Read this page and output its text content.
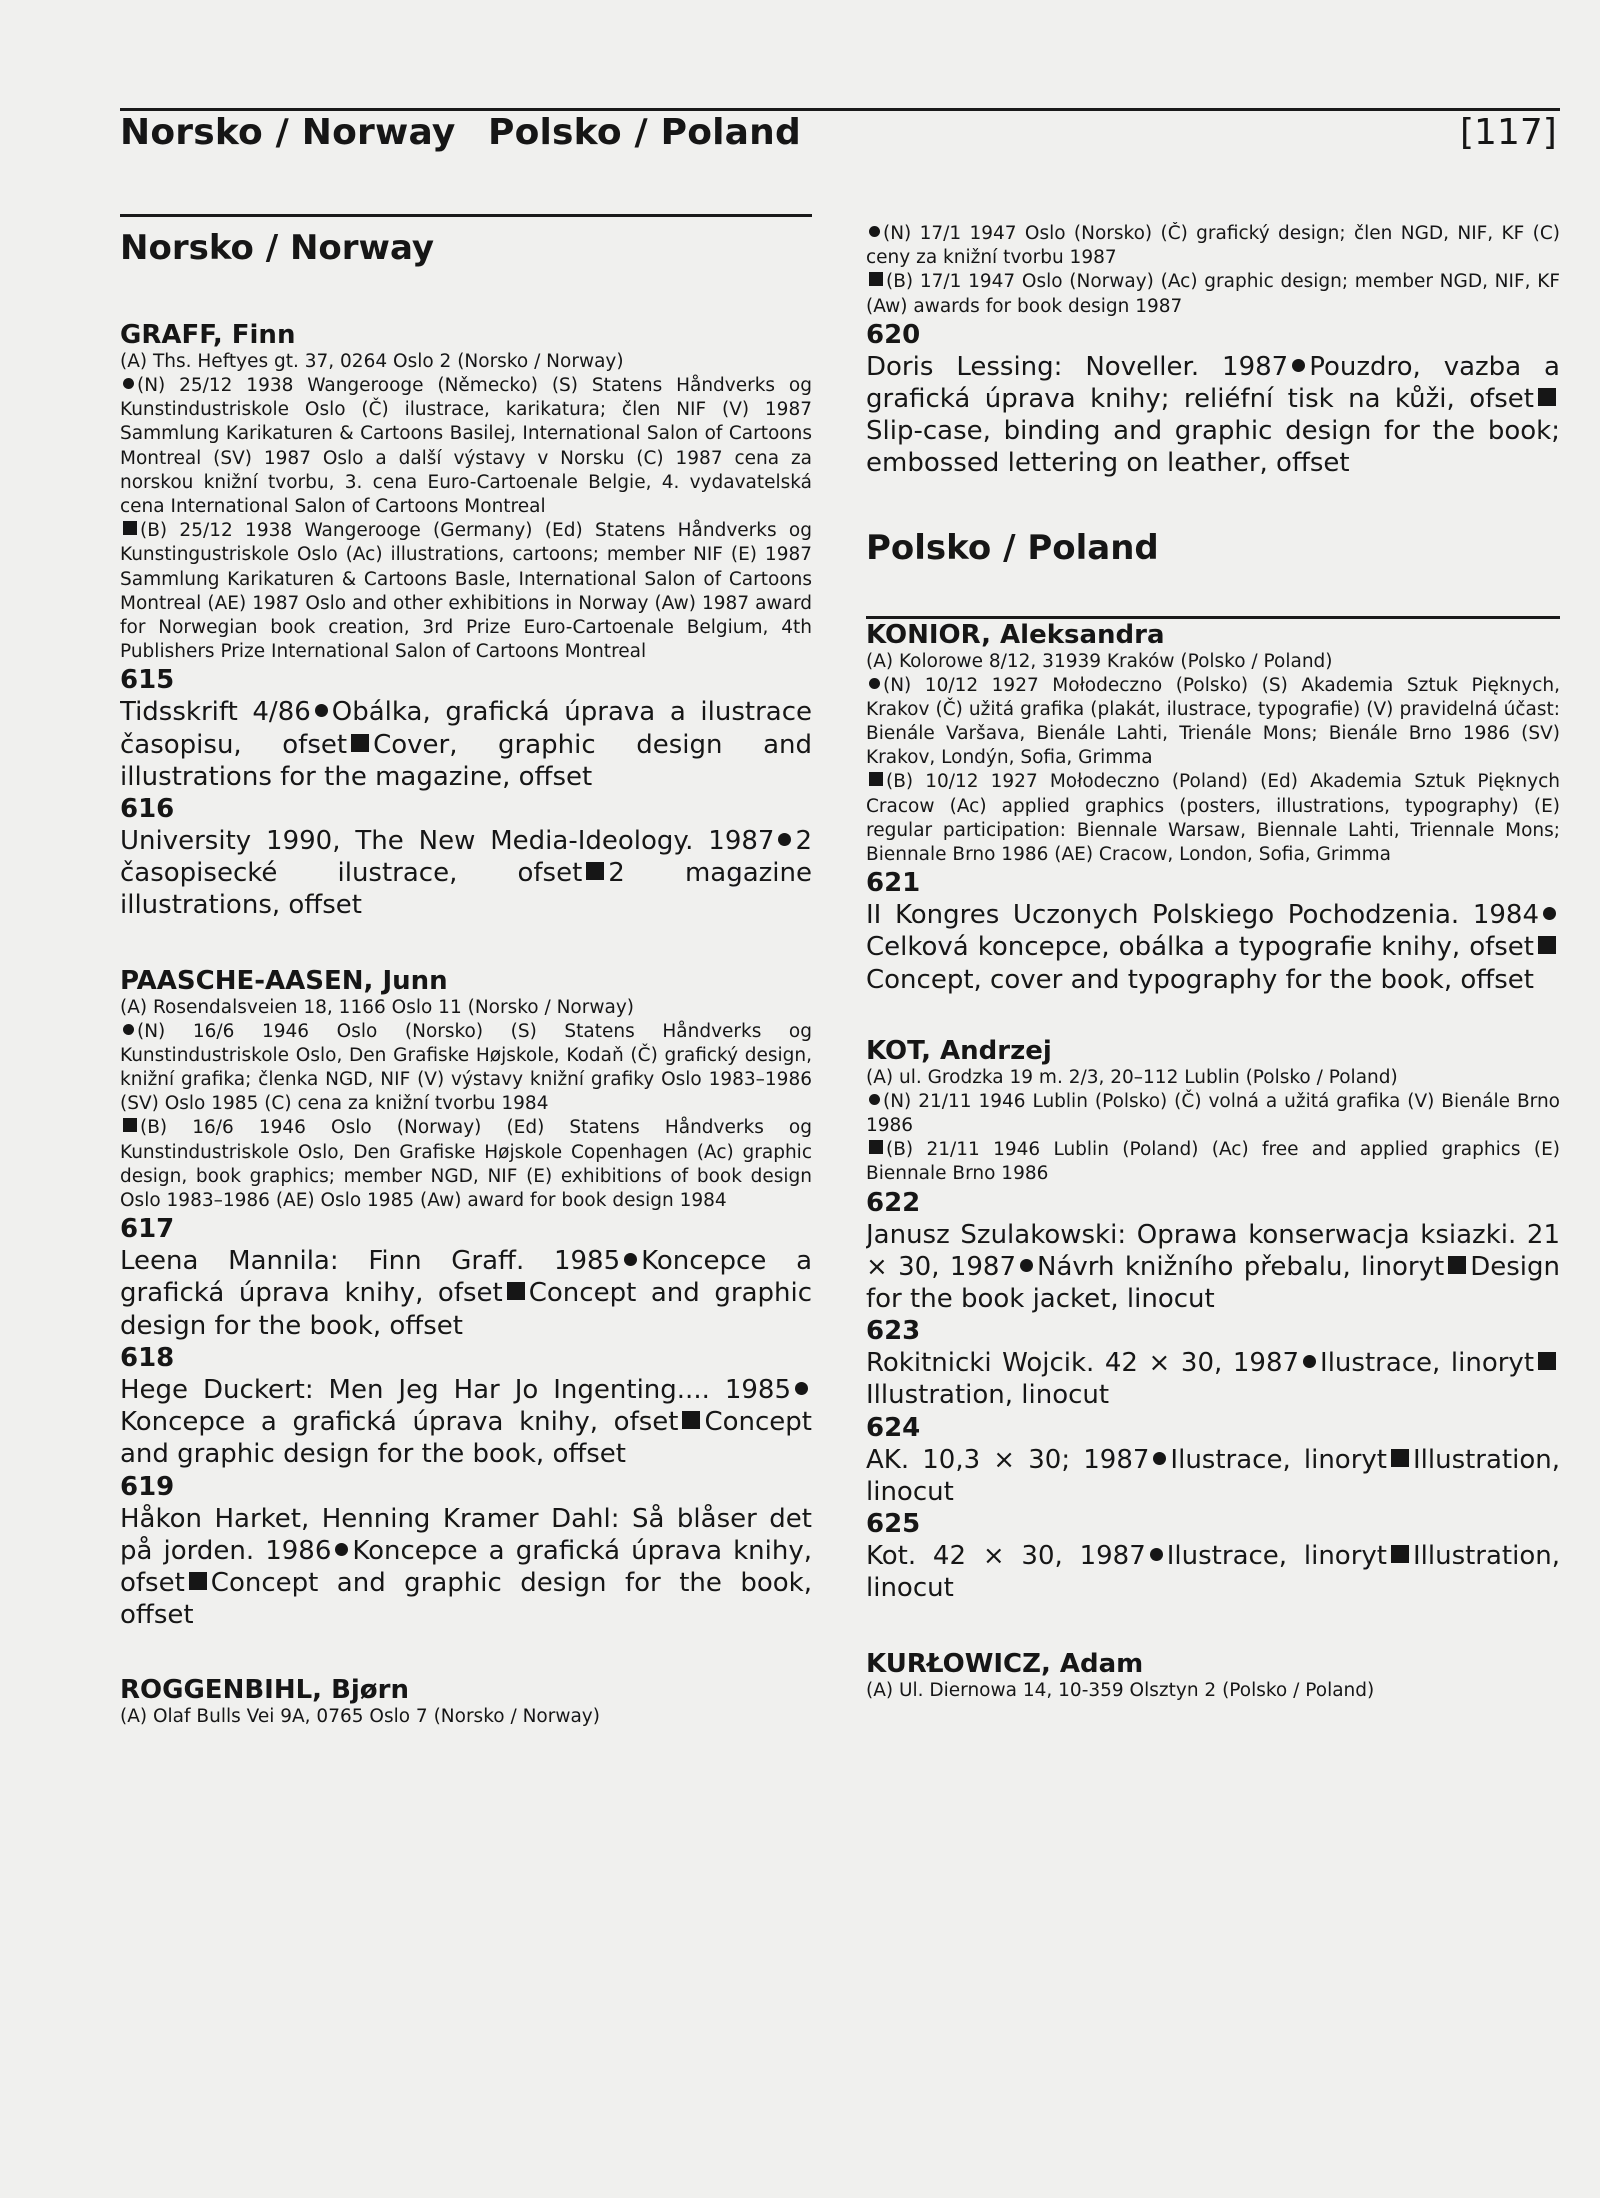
Norsko / Norway Polsko / Poland	[117]

Norsko / Norway

GRAFF, Finn

(A) Ths. Heftyes gt. 37, 0264 Oslo 2 (Norsko / Norway)

(N) 25/12 1938 Wangerooge (Německo) (S) Statens Håndverks og Kunstindustriskole Oslo (Č) ilustrace, karikatura; člen NIF (V) 1987 Sammlung Karikaturen & Cartoons Basilej, International Salon of Cartoons Montreal (SV) 1987 Oslo a další výstavy v Norsku (C) 1987 cena za norskou knižní tvorbu, 3. cena Euro-Cartoenale Belgie, 4. vydavatelská cena International Salon of Cartoons Montreal

(B) 25/12 1938 Wangerooge (Germany) (Ed) Statens Håndverks og Kunstingustriskole Oslo (Ac) illustrations, cartoons; member NIF (E) 1987 Sammlung Karikaturen & Cartoons Basle, International Salon of Cartoons Montreal (AE) 1987 Oslo and other exhibitions in Norway (Aw) 1987 award for Norwegian book creation, 3rd Prize Euro-Cartoenale Belgium, 4th Publishers Prize International Salon of Cartoons Montreal

615

Tidsskrift 4/86 Obálka, grafická úprava a ilustrace časopisu, ofset Cover, graphic design and illustrations for the magazine, offset

616

University 1990, The New Media-Ideology. 1987 2 časopisecké ilustrace, ofset 2 magazine illustrations, offset

PAASCHE-AASEN, Junn

(A) Rosendalsveien 18, 1166 Oslo 11 (Norsko / Norway)

(N) 16/6 1946 Oslo (Norsko) (S) Statens Håndverks og Kunstindustriskole Oslo, Den Grafiske Højskole, Kodaň (Č) grafický design, knižní grafika; členka NGD, NIF (V) výstavy knižní grafiky Oslo 1983–1986 (SV) Oslo 1985 (C) cena za knižní tvorbu 1984

(B) 16/6 1946 Oslo (Norway) (Ed) Statens Håndverks og Kunstindustriskole Oslo, Den Grafiske Højskole Copenhagen (Ac) graphic design, book graphics; member NGD, NIF (E) exhibitions of book design Oslo 1983–1986 (AE) Oslo 1985 (Aw) award for book design 1984

617

Leena Mannila: Finn Graff. 1985 Koncepce a grafická úprava knihy, ofset Concept and graphic design for the book, offset

618

Hege Duckert: Men Jeg Har Jo Ingenting.... 1985Koncepce a grafická úprava knihy, ofset Concept and graphic design for the book, offset

619

Håkon Harket, Henning Kramer Dahl: Så blåser det på jorden. 1986 Koncepce a grafická úprava knihy, ofset Concept and graphic design for the book, offset

ROGGENBIHL, Bjørn

(A) Olaf Bulls Vei 9A, 0765 Oslo 7 (Norsko / Norway)

(N) 17/1 1947 Oslo (Norsko) (Č) grafický design; člen NGD, NIF, KF (C) ceny za knižní tvorbu 1987

(B) 17/1 1947 Oslo (Norway) (Ac) graphic design; member NGD, NIF, KF (Aw) awards for book design 1987

620

Doris Lessing: Noveller. 1987 Pouzdro, vazba a grafická úprava knihy; reliéfní tisk na kůži, ofsetSlip-case, binding and graphic design for the book; embossed lettering on leather, offset

Polsko / Poland

KONIOR, Aleksandra

(A) Kolorowe 8/12, 31939 Kraków (Polsko / Poland)

(N) 10/12 1927 Mołodeczno (Polsko) (S) Akademia Sztuk Pięknych, Krakov (Č) užitá grafika (plakát, ilustrace, typografie) (V) pravidelná účast: Bienále Varšava, Bienále Lahti, Trienále Mons; Bienále Brno 1986 (SV) Krakov, Londýn, Sofia, Grimma

(B) 10/12 1927 Mołodeczno (Poland) (Ed) Akademia Sztuk Pięknych Cracow (Ac) applied graphics (posters, illustrations, typography) (E) regular participation: Biennale Warsaw, Biennale Lahti, Triennale Mons; Biennale Brno 1986 (AE) Cracow, London, Sofia, Grimma

621

II Kongres Uczonych Polskiego Pochodzenia. 1984Celková koncepce, obálka a typografie knihy, ofsetConcept, cover and typography for the book, offset

KOT, Andrzej

(A) ul. Grodzka 19 m. 2/3, 20–112 Lublin (Polsko / Poland)

(N) 21/11 1946 Lublin (Polsko) (Č) volná a užitá grafika (V) Bienále Brno 1986

(B) 21/11 1946 Lublin (Poland) (Ac) free and applied graphics (E) Biennale Brno 1986

622

Janusz Szulakowski: Oprawa konserwacja ksiazki. 21 × 30, 1987 Návrh knižního přebalu, linoryt Design for the book jacket, linocut

623

Rokitnicki Wojcik. 42 × 30, 1987 Ilustrace, linorytIllustration, linocut

624

AK. 10,3 × 30; 1987 Ilustrace, linoryt Illustration, linocut

625

Kot. 42 × 30, 1987 Ilustrace, linoryt Illustration, linocut

KURŁOWICZ, Adam

(A) Ul. Diernowa 14, 10-359 Olsztyn 2 (Polsko / Poland)
